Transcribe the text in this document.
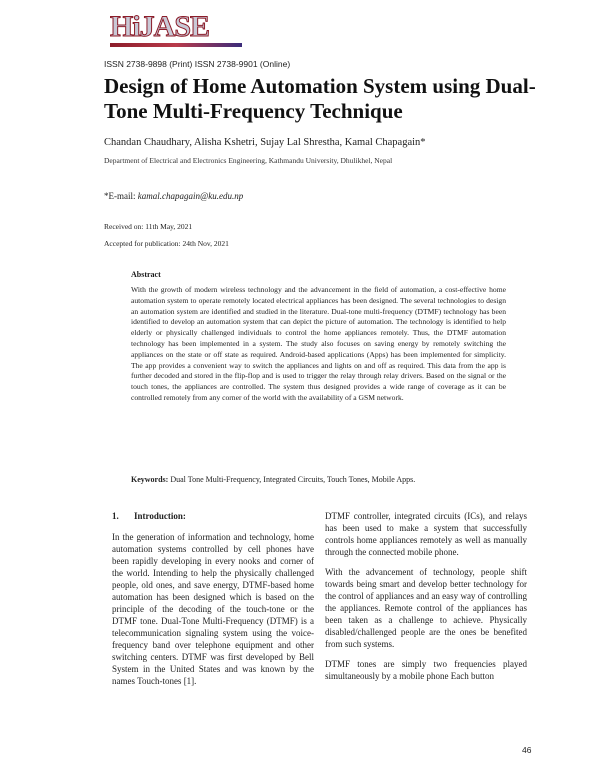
HiJASE
ISSN 2738-9898 (Print) ISSN 2738-9901 (Online)
Design of Home Automation System using Dual-Tone Multi-Frequency Technique
Chandan Chaudhary, Alisha Kshetri, Sujay Lal Shrestha, Kamal Chapagain*
Department of Electrical and Electronics Engineering, Kathmandu University, Dhulikhel, Nepal
*E-mail: kamal.chapagain@ku.edu.np
Received on: 11th May, 2021
Accepted for publication: 24th Nov, 2021
Abstract

With the growth of modern wireless technology and the advancement in the field of automation, a cost-effective home automation system to operate remotely located electrical appliances has been designed. The several technologies to design an automation system are identified and studied in the literature. Dual-tone multi-frequency (DTMF) technology has been identified to develop an automation system that can depict the picture of automation. The technology is identified to help elderly or physically challenged individuals to control the home appliances remotely. Thus, the DTMF automation technology has been implemented in a system. The study also focuses on saving energy by remotely switching the appliances on the state or off state as required. Android-based applications (Apps) has been implemented for simplicity. The app provides a convenient way to switch the appliances and lights on and off as required. This data from the app is further decoded and stored in the flip-flop and is used to trigger the relay through relay drivers. Based on the signal or the touch tones, the appliances are controlled. The system thus designed provides a wide range of coverage as it can be controlled remotely from any corner of the world with the availability of a GSM network.

Keywords: Dual Tone Multi-Frequency, Integrated Circuits, Touch Tones, Mobile Apps.
1. Introduction:

In the generation of information and technology, home automation systems controlled by cell phones have been rapidly developing in every nooks and corner of the world. Intending to help the physically challenged people, old ones, and save energy, DTMF-based home automation has been designed which is based on the principle of the decoding of the touch-tone or the DTMF tone. Dual-Tone Multi-Frequency (DTMF) is a telecommunication signaling system using the voice-frequency band over telephone equipment and other switching centers. DTMF was first developed by Bell System in the United States and was known by the names Touch-tones [1].

DTMF controller, integrated circuits (ICs), and relays has been used to make a system that successfully controls home appliances remotely as well as manually through the connected mobile phone.

With the advancement of technology, people shift towards being smart and develop better technology for the control of appliances and an easy way of controlling the appliances. Remote control of the appliances has been taken as a challenge to achieve. Physically disabled/challenged people are the ones be benefited from such systems.

DTMF tones are simply two frequencies played simultaneously by a mobile phone Each button

46
